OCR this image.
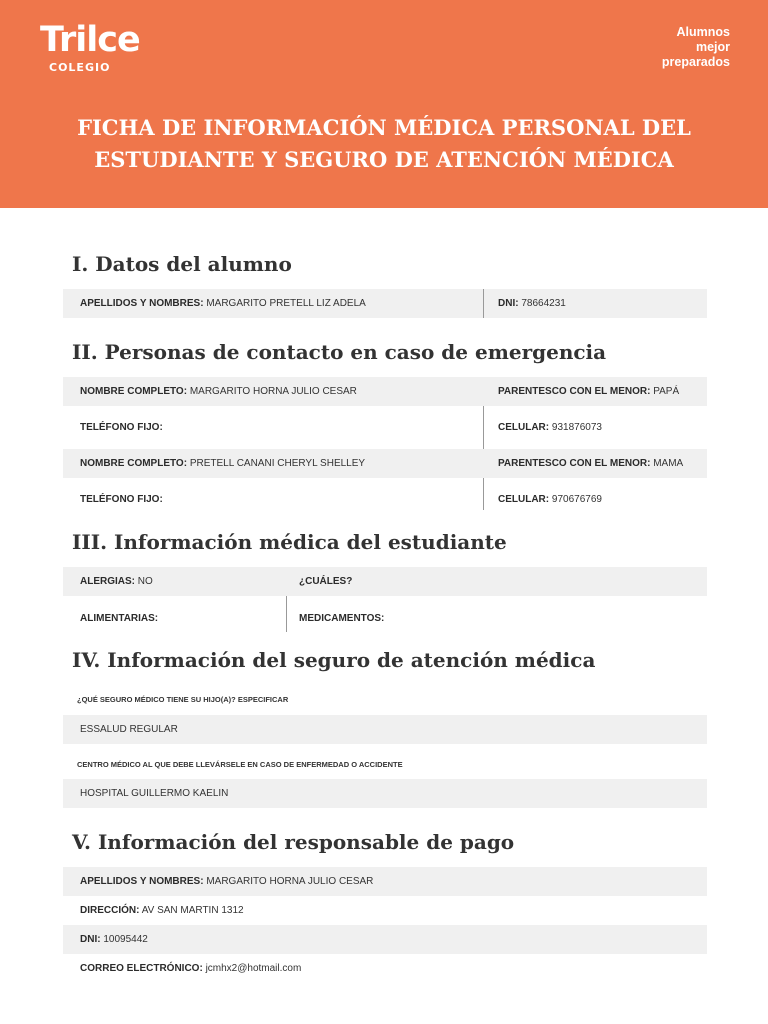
Trilce
COLEGIO
Alumnos
mejor
preparados
FICHA DE INFORMACIÓN MÉDICA PERSONAL DEL
ESTUDIANTE Y SEGURO DE ATENCIÓN MÉDICA
I. Datos del alumno
APELLIDOS Y NOMBRES: MARGARITO PRETELL LIZ ADELA	DNI: 78664231
II. Personas de contacto en caso de emergencia
NOMBRE COMPLETO: MARGARITO HORNA JULIO CESAR	PARENTESCO CON EL MENOR: PAPÁ
TELÉFONO FIJO:	CELULAR: 931876073
NOMBRE COMPLETO: PRETELL CANANI CHERYL SHELLEY	PARENTESCO CON EL MENOR: MAMA
TELÉFONO FIJO:	CELULAR: 970676769
III. Información médica del estudiante
ALERGIAS: NO	¿CUÁLES?
ALIMENTARIAS:	MEDICAMENTOS:
IV. Información del seguro de atención médica
¿QUÉ SEGURO MÉDICO TIENE SU HIJO(A)? ESPECIFICAR
ESSALUD REGULAR
CENTRO MÉDICO AL QUE DEBE LLEVÁRSELE EN CASO DE ENFERMEDAD O ACCIDENTE
HOSPITAL GUILLERMO KAELIN
V. Información del responsable de pago
APELLIDOS Y NOMBRES: MARGARITO HORNA JULIO CESAR
DIRECCIÓN: AV SAN MARTIN 1312
DNI: 10095442
CORREO ELECTRÓNICO: jcmhx2@hotmail.com
